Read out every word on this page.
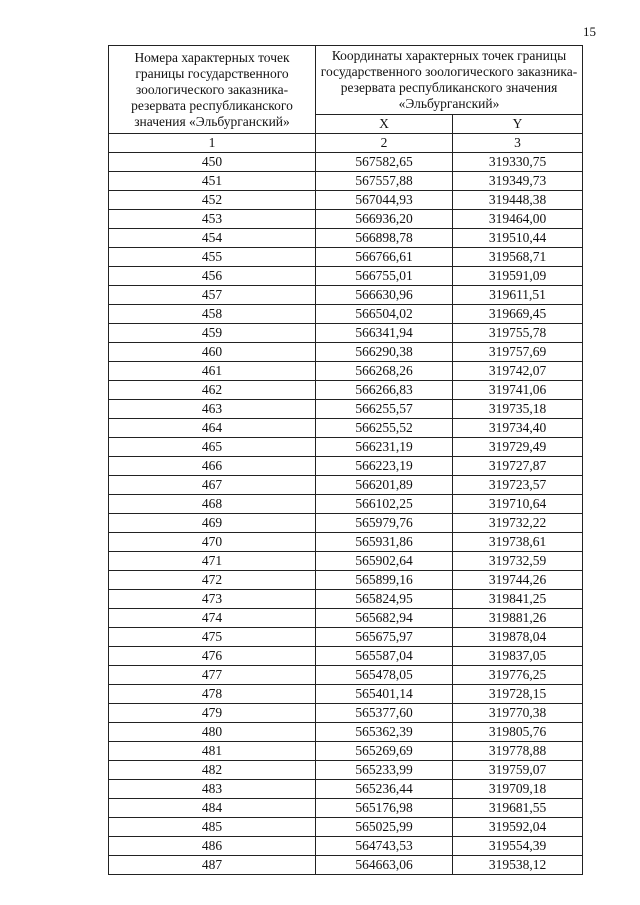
15
Номера характерных точек границы государственного зоологического заказника-резервата республиканского значения «Эльбурганский»	Координаты характерных точек границы государственного зоологического заказника-резервата республиканского значения «Эльбурганский»	
	X	Y
1	2	3
450	567582,65	319330,75
451	567557,88	319349,73
452	567044,93	319448,38
453	566936,20	319464,00
454	566898,78	319510,44
455	566766,61	319568,71
456	566755,01	319591,09
457	566630,96	319611,51
458	566504,02	319669,45
459	566341,94	319755,78
460	566290,38	319757,69
461	566268,26	319742,07
462	566266,83	319741,06
463	566255,57	319735,18
464	566255,52	319734,40
465	566231,19	319729,49
466	566223,19	319727,87
467	566201,89	319723,57
468	566102,25	319710,64
469	565979,76	319732,22
470	565931,86	319738,61
471	565902,64	319732,59
472	565899,16	319744,26
473	565824,95	319841,25
474	565682,94	319881,26
475	565675,97	319878,04
476	565587,04	319837,05
477	565478,05	319776,25
478	565401,14	319728,15
479	565377,60	319770,38
480	565362,39	319805,76
481	565269,69	319778,88
482	565233,99	319759,07
483	565236,44	319709,18
484	565176,98	319681,55
485	565025,99	319592,04
486	564743,53	319554,39
487	564663,06	319538,12
